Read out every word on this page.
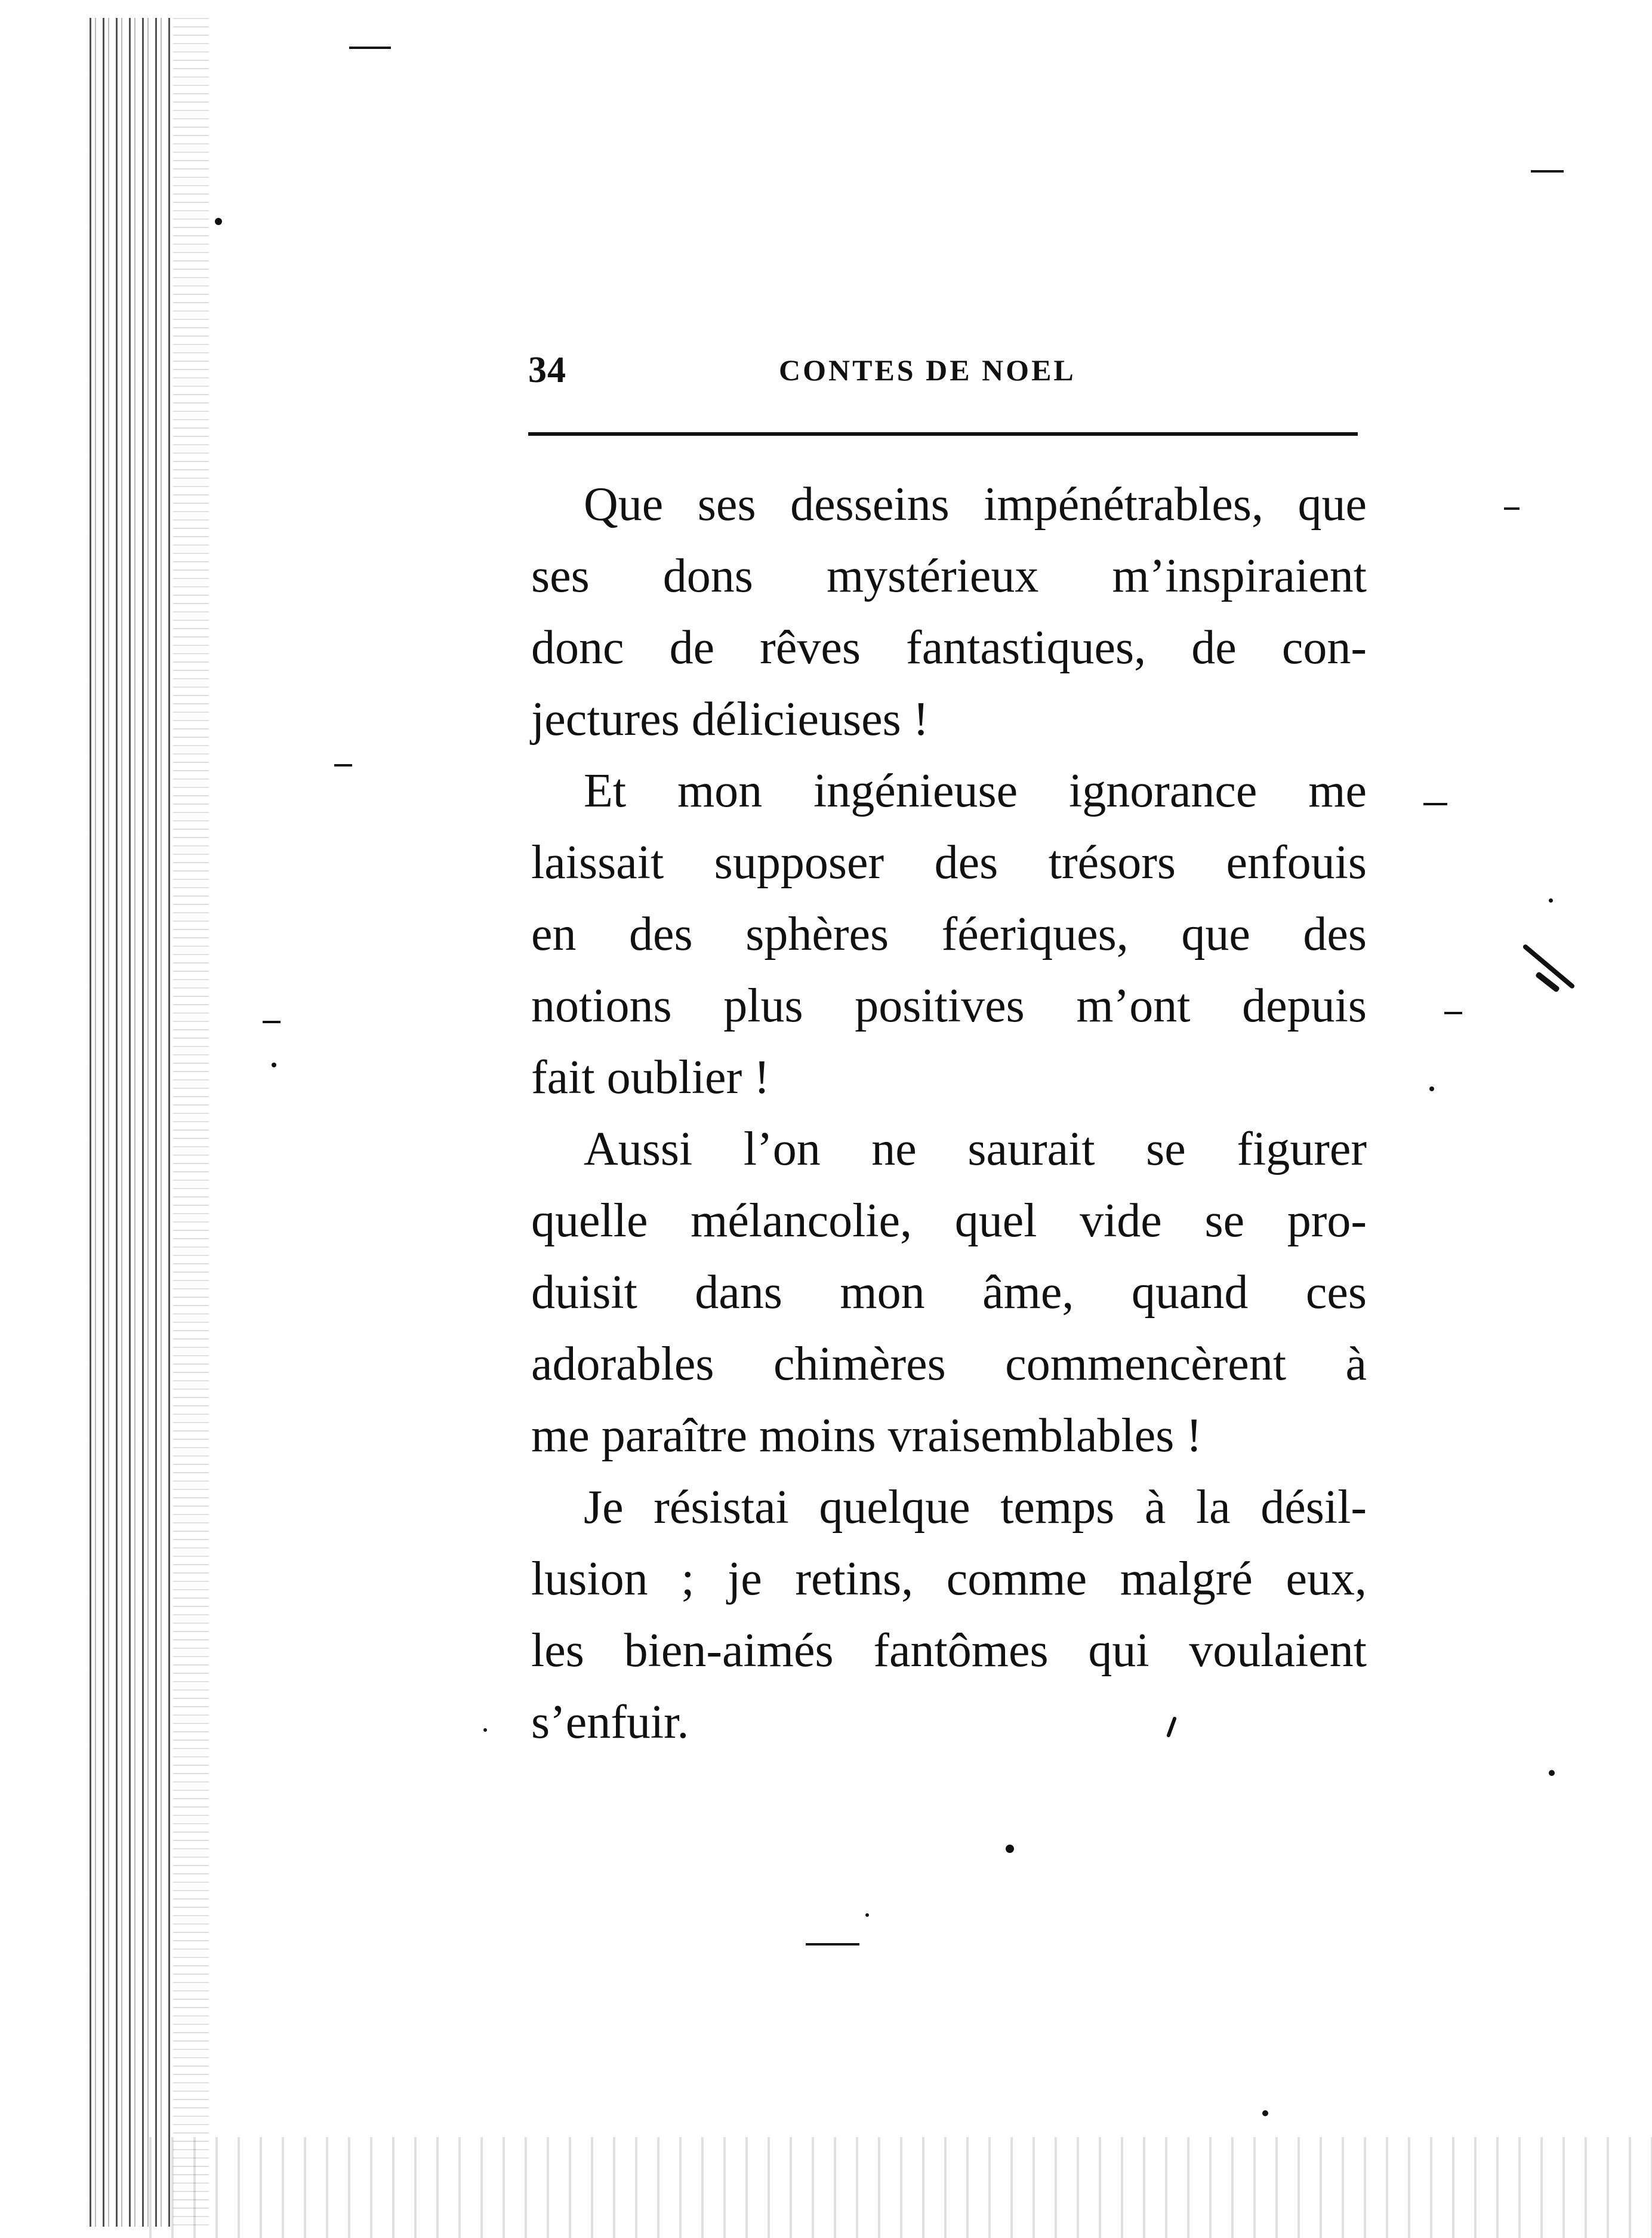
34	CONTES DE NOEL
Que ses desseins impénétrables, que
ses dons mystérieux m’inspiraient
donc de rêves fantastiques, de con-
jectures délicieuses !
Et mon ingénieuse ignorance me
laissait supposer des trésors enfouis
en des sphères féeriques, que des
notions plus positives m’ont depuis
fait oublier !
Aussi l’on ne saurait se figurer
quelle mélancolie, quel vide se pro-
duisit dans mon âme, quand ces
adorables chimères commencèrent à
me paraître moins vraisemblables !
Je résistai quelque temps à la désil-
lusion ; je retins, comme malgré eux,
les bien-aimés fantômes qui voulaient
s’enfuir.
